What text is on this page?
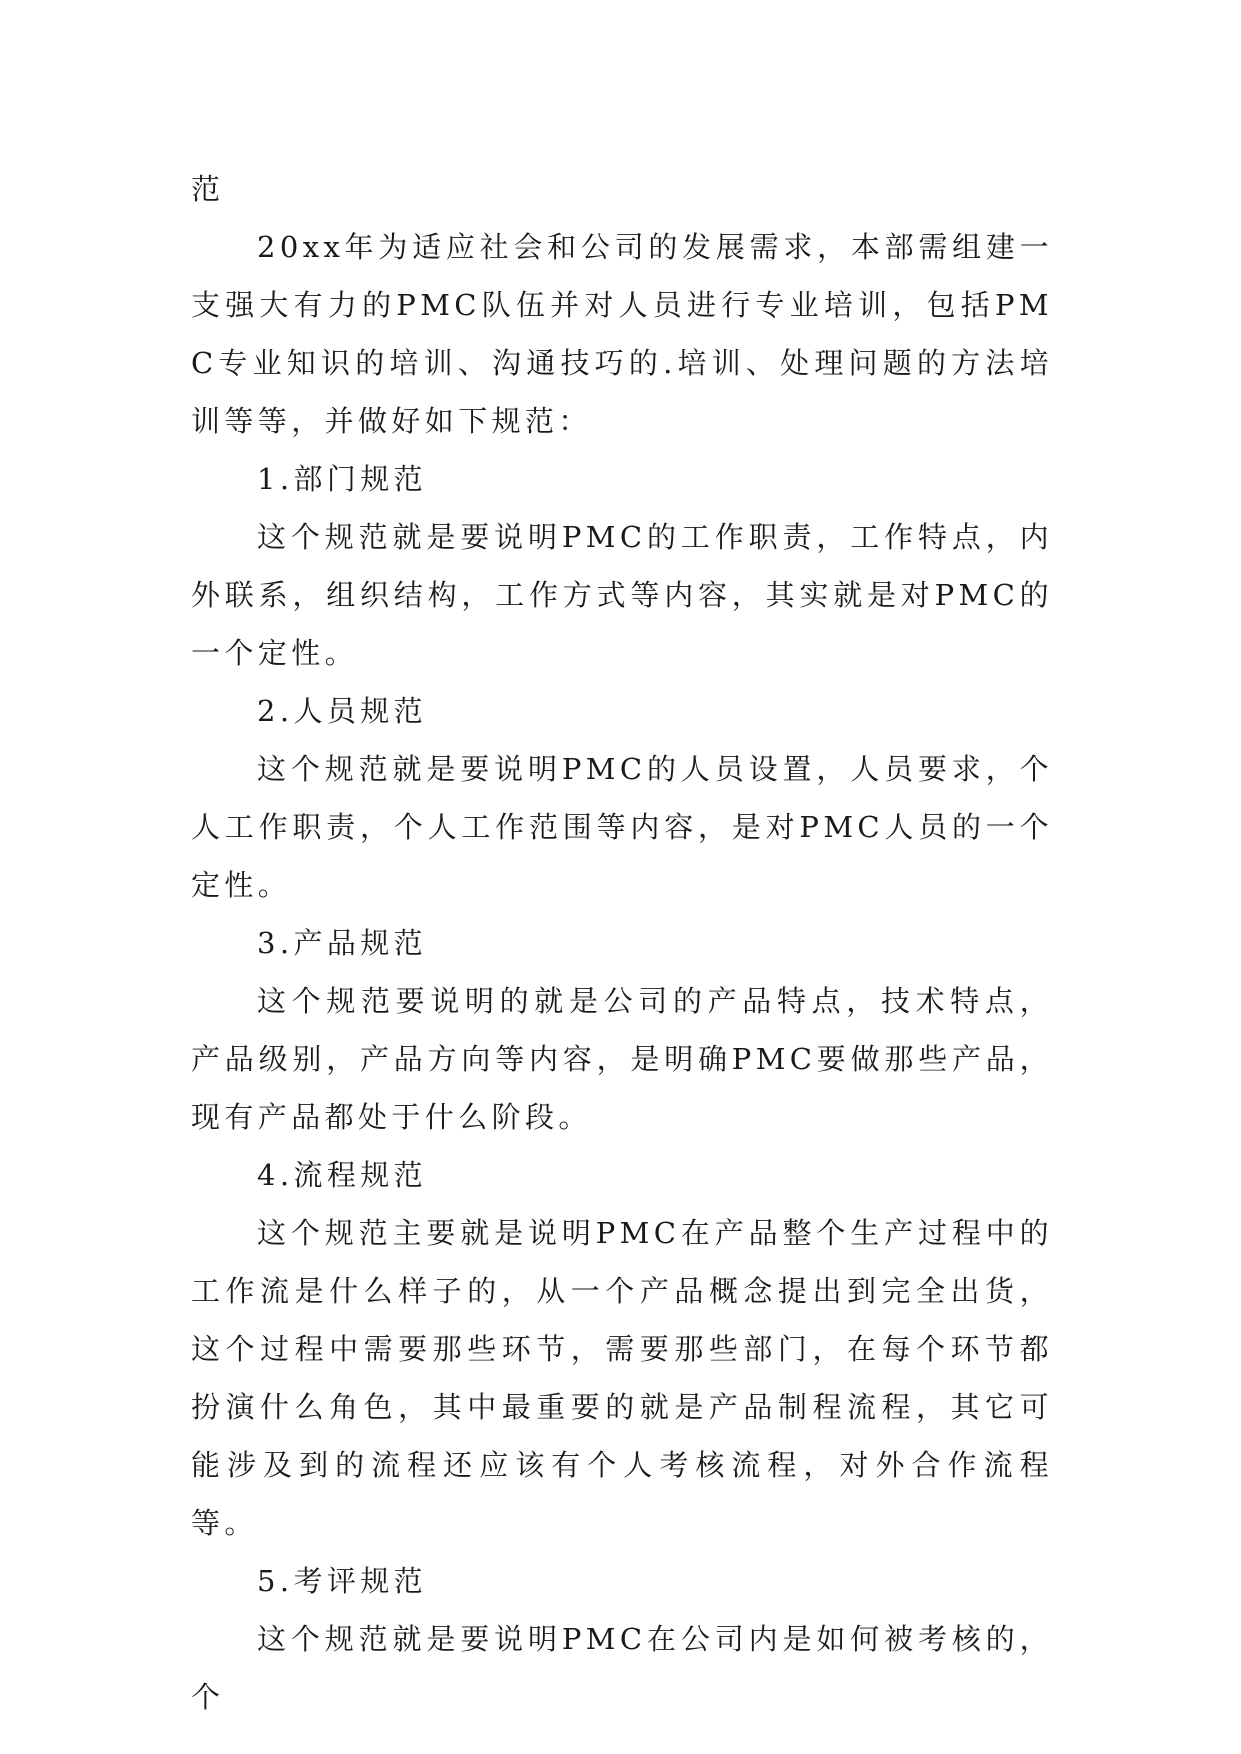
范

20xx年为适应社会和公司的发展需求，本部需组建一支强大有力的PMC队伍并对人员进行专业培训，包括PMC专业知识的培训、沟通技巧的.培训、处理问题的方法培训等等，并做好如下规范：

1.部门规范

这个规范就是要说明PMC的工作职责，工作特点，内外联系，组织结构，工作方式等内容，其实就是对PMC的一个定性。

2.人员规范

这个规范就是要说明PMC的人员设置，人员要求，个人工作职责，个人工作范围等内容，是对PMC人员的一个定性。

3.产品规范

这个规范要说明的就是公司的产品特点，技术特点，产品级别，产品方向等内容，是明确PMC要做那些产品，现有产品都处于什么阶段。

4.流程规范

这个规范主要就是说明PMC在产品整个生产过程中的工作流是什么样子的，从一个产品概念提出到完全出货，这个过程中需要那些环节，需要那些部门，在每个环节都扮演什么角色，其中最重要的就是产品制程流程，其它可能涉及到的流程还应该有个人考核流程，对外合作流程等。

5.考评规范

这个规范就是要说明PMC在公司内是如何被考核的，个
